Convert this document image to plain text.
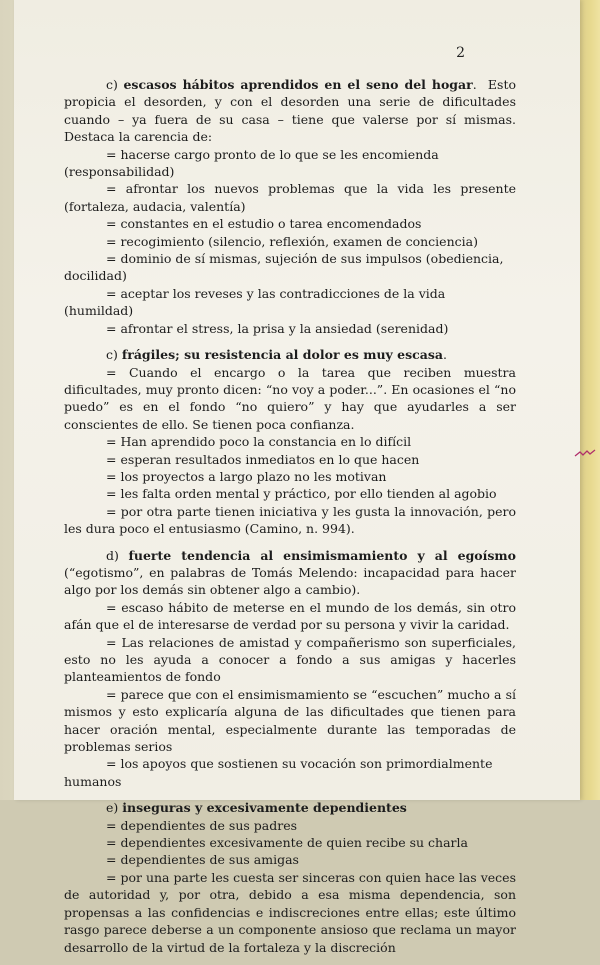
2

c) escasos hábitos aprendidos en el seno del hogar. Esto propicia el desorden, y con el desorden una serie de dificultades cuando – ya fuera de su casa – tiene que valerse por sí mismas. Destaca la carencia de:

= hacerse cargo pronto de lo que se les encomienda (responsabilidad)

= afrontar los nuevos problemas que la vida les presente (fortaleza, audacia, valentía)

= constantes en el estudio o tarea encomendados

= recogimiento (silencio, reflexión, examen de conciencia)

= dominio de sí mismas, sujeción de sus impulsos (obediencia, docilidad)

= aceptar los reveses y las contradicciones de la vida (humildad)

= afrontar el stress, la prisa y la ansiedad (serenidad)

c) frágiles; su resistencia al dolor es muy escasa.

= Cuando el encargo o la tarea que reciben muestra dificultades, muy pronto dicen: “no voy a poder...”. En ocasiones el “no puedo” es en el fondo “no quiero” y hay que ayudarles a ser conscientes de ello. Se tienen poca confianza.

= Han aprendido poco la constancia en lo difícil

= esperan resultados inmediatos en lo que hacen

= los proyectos a largo plazo no les motivan

= les falta orden mental y práctico, por ello tienden al agobio

= por otra parte tienen iniciativa y les gusta la innovación, pero les dura poco el entusiasmo (Camino, n. 994).

d) fuerte tendencia al ensimismamiento y al egoísmo (“egotismo”, en palabras de Tomás Melendo: incapacidad para hacer algo por los demás sin obtener algo a cambio).

= escaso hábito de meterse en el mundo de los demás, sin otro afán que el de interesarse de verdad por su persona y vivir la caridad.

= Las relaciones de amistad y compañerismo son superficiales, esto no les ayuda a conocer a fondo a sus amigas y hacerles planteamientos de fondo

= parece que con el ensimismamiento se “escuchen” mucho a sí mismos y esto explicaría alguna de las dificultades que tienen para hacer oración mental, especialmente durante las temporadas de problemas serios

= los apoyos que sostienen su vocación son primordialmente humanos

e) inseguras y excesivamente dependientes

= dependientes de sus padres

= dependientes excesivamente de quien recibe su charla

= dependientes de sus amigas

= por una parte les cuesta ser sinceras con quien hace las veces de autoridad y, por otra, debido a esa misma dependencia, son propensas a las confidencias e indiscreciones entre ellas; este último rasgo parece deberse a un componente ansioso que reclama un mayor desarrollo de la virtud de la fortaleza y la discreción
